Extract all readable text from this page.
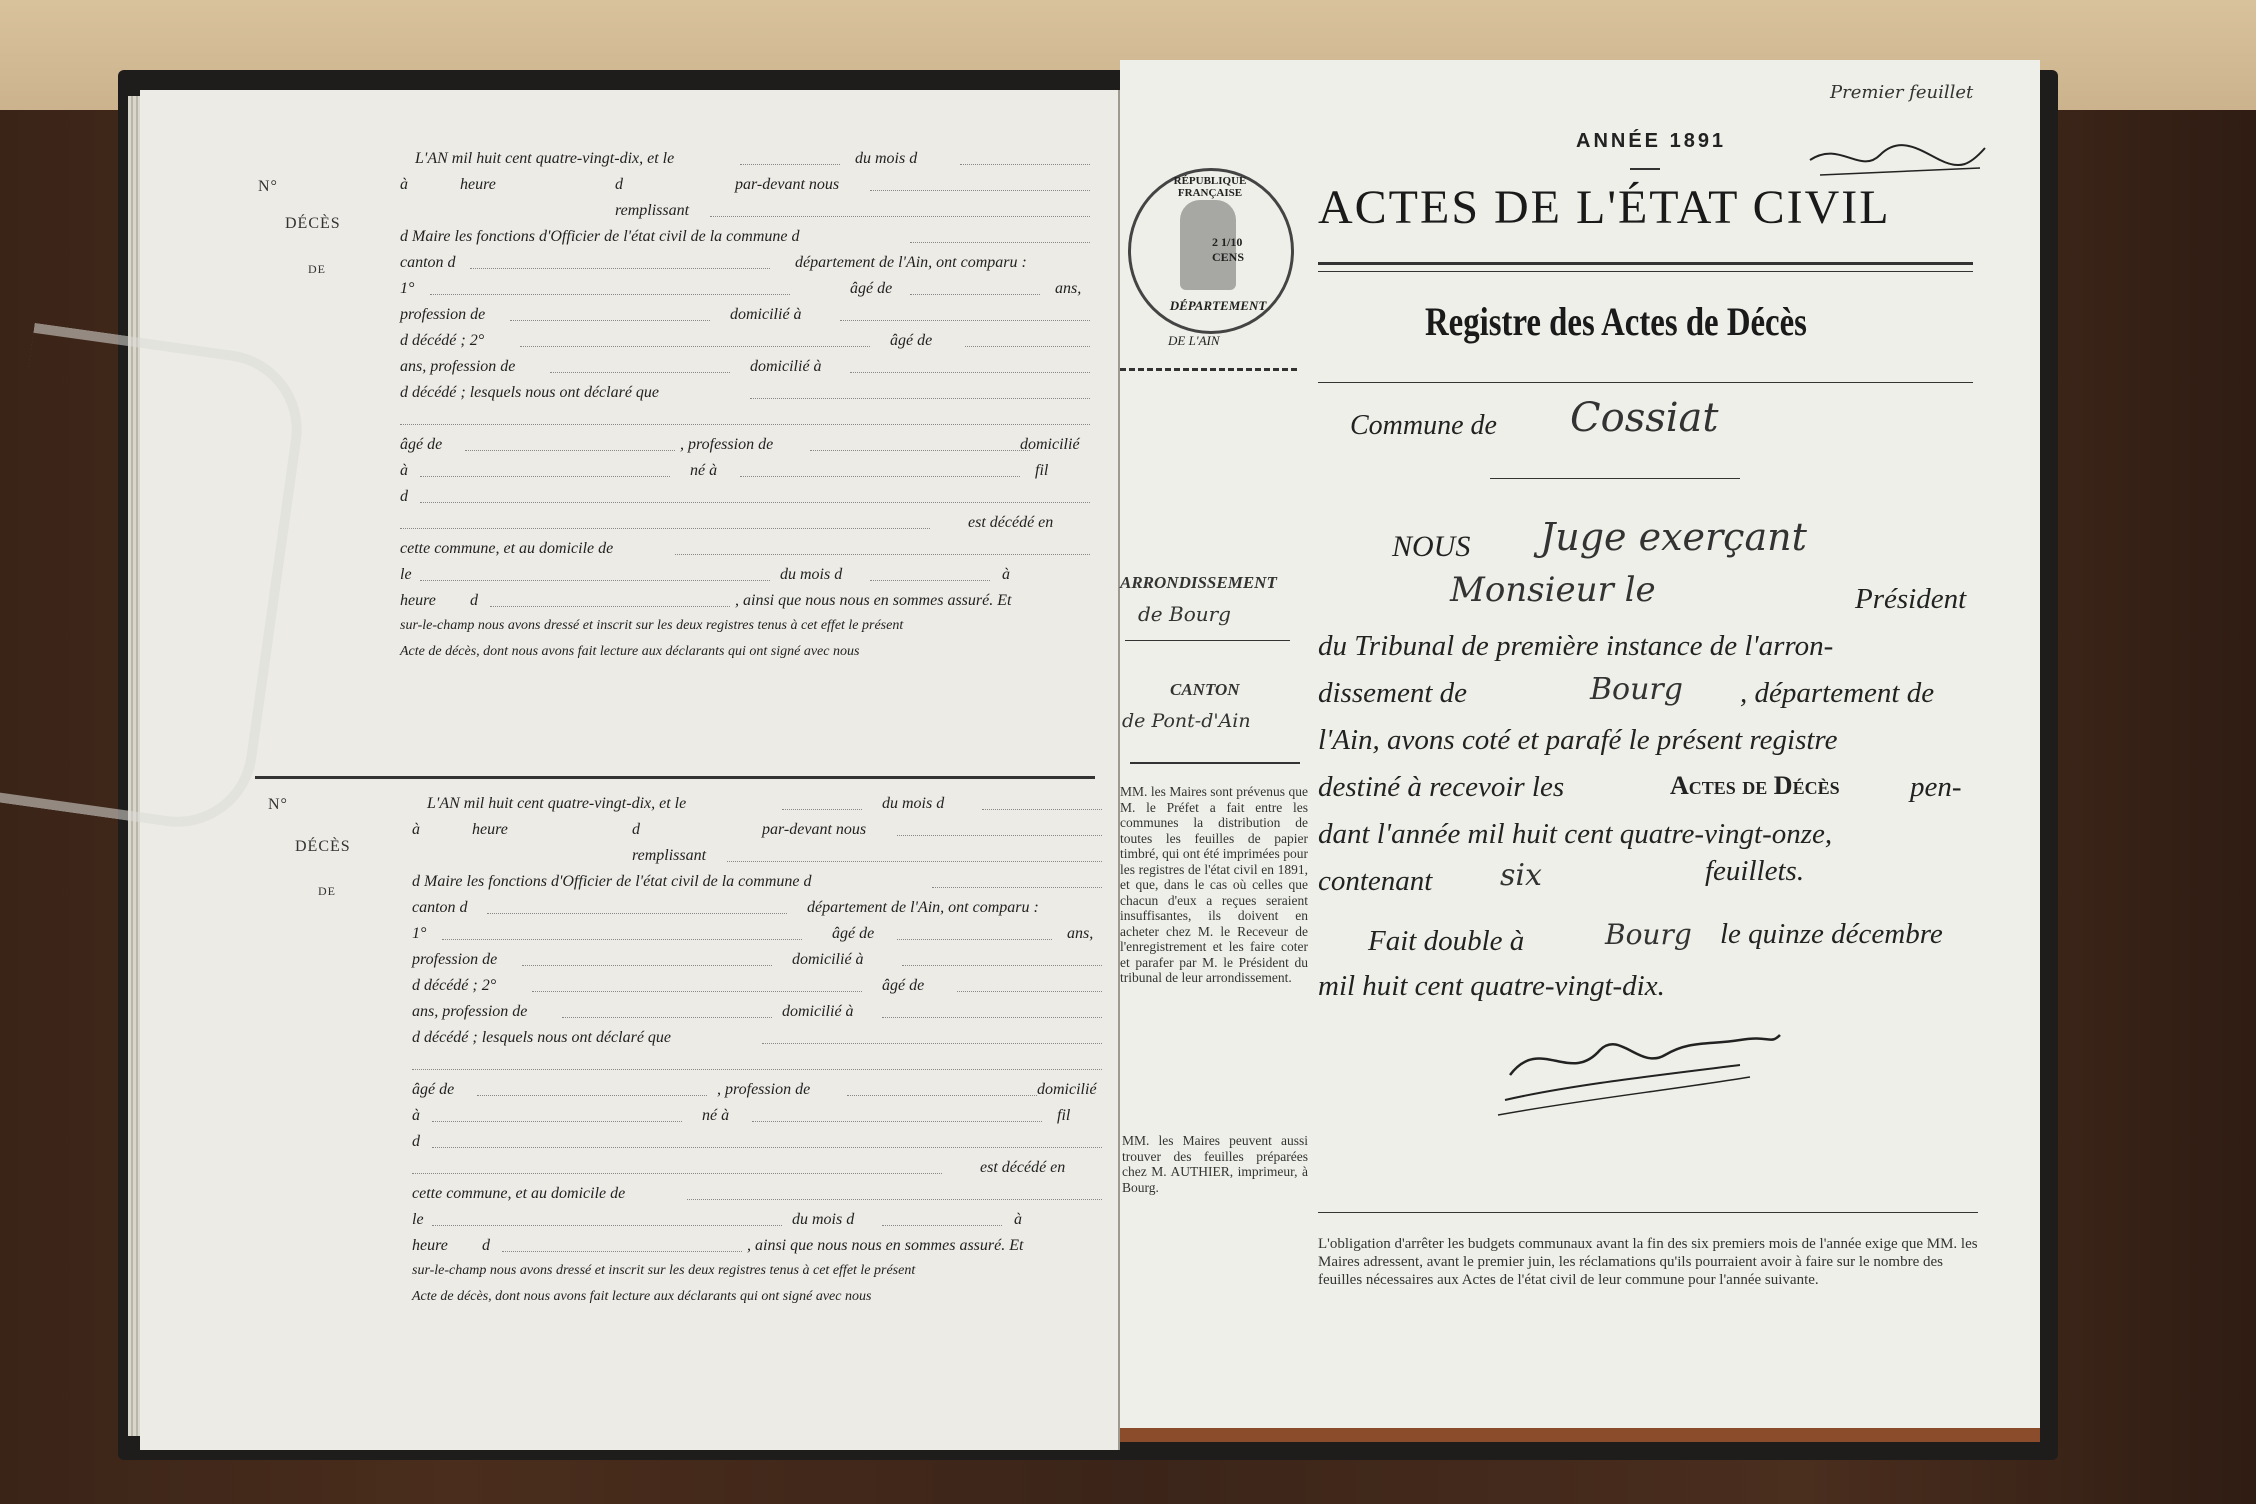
N°
DÉCÈS
DE
L'AN mil huit cent quatre-vingt-dix, et le	du mois d
à	heure	d	par-devant nous
remplissant
d Maire les fonctions d'Officier de l'état civil de la commune d
canton d	département de l'Ain, ont comparu :
1°	âgé de	ans,
profession de	domicilié à
d décédé ; 2°	âgé de
ans, profession de	domicilié à
d décédé ; lesquels nous ont déclaré que
âgé de	, profession de	domicilié
à	né à	fil
d
est décédé en
cette commune, et au domicile de
le	du mois d	à
heure d	, ainsi que nous nous en sommes assuré. Et
sur-le-champ nous avons dressé et inscrit sur les deux registres tenus à cet effet le présent
Acte de décès, dont nous avons fait lecture aux déclarants qui ont signé avec nous
N°
DÉCÈS
DE
L'AN mil huit cent quatre-vingt-dix, et le	du mois d
à	heure	d	par-devant nous
remplissant
d Maire les fonctions d'Officier de l'état civil de la commune d
canton d	département de l'Ain, ont comparu :
1°	âgé de	ans,
profession de	domicilié à
d décédé ; 2°	âgé de
ans, profession de	domicilié à
d décédé ; lesquels nous ont déclaré que
âgé de	, profession de	domicilié
à	né à	fil
d
est décédé en
cette commune, et au domicile de
le	du mois d	à
heure d	, ainsi que nous nous en sommes assuré. Et
sur-le-champ nous avons dressé et inscrit sur les deux registres tenus à cet effet le présent
Acte de décès, dont nous avons fait lecture aux déclarants qui ont signé avec nous
RÉPUBLIQUE FRANÇAISE
2 1/10 CENS
DÉPARTEMENT
DE L'AIN
ANNÉE 1891
Premier feuillet
ACTES DE L'ÉTAT CIVIL
Registre des Actes de Décès
Commune de Cossiat
ARRONDISSEMENT
de Bourg
CANTON
de Pont-d'Ain
MM. les Maires sont prévenus que M. le Préfet a fait entre les communes la distribution de toutes les feuilles de papier timbré, qui ont été imprimées pour les registres de l'état civil en 1891, et que, dans le cas où celles que chacun d'eux a reçues seraient insuffisantes, ils doivent en acheter chez M. le Receveur de l'enregistrement et les faire coter et parafer par M. le Président du tribunal de leur arrondissement.
MM. les Maires peuvent aussi trouver des feuilles préparées chez M. AUTHIER, imprimeur, à Bourg.
NOUS Juge exerçant
Monsieur le	Président
du Tribunal de première instance de l'arron-
dissement de	Bourg , département de
l'Ain, avons coté et parafé le présent registre
destiné à recevoir les	Actes de Décès pen-
dant l'année mil huit cent quatre-vingt-onze,
contenant six	feuillets.
Fait double à	Bourg le quinze décembre
mil huit cent quatre-vingt-dix.
L'obligation d'arrêter les budgets communaux avant la fin des six premiers mois de l'année exige que MM. les Maires adressent, avant le premier juin, les réclamations qu'ils pourraient avoir à faire sur le nombre des feuilles nécessaires aux Actes de l'état civil de leur commune pour l'année suivante.
